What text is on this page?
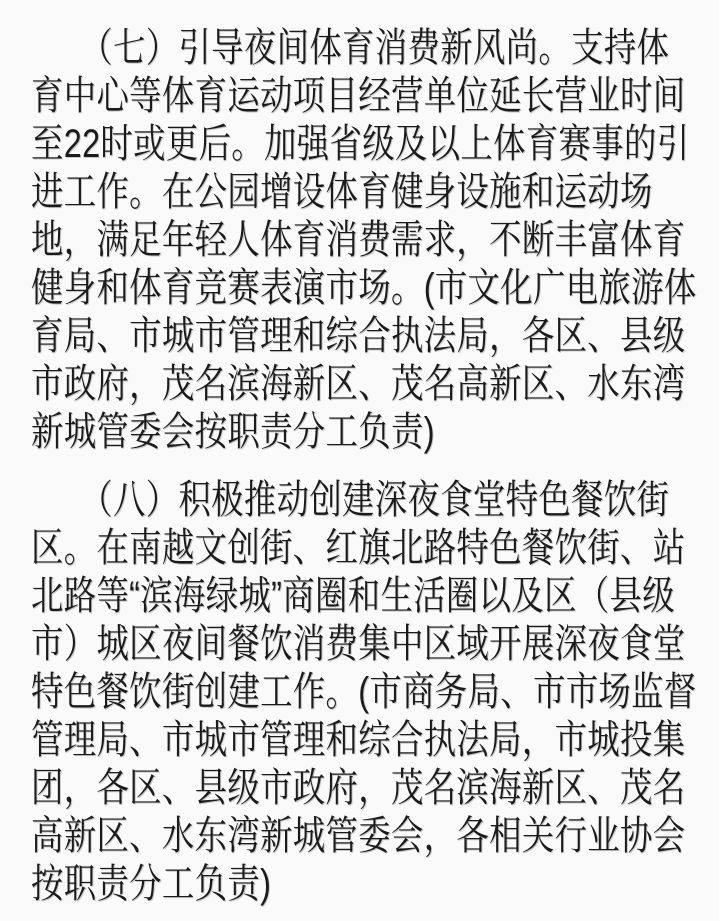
　　（七）引导夜间体育消费新风尚。支持体
育中心等体育运动项目经营单位延长营业时间
至22时或更后。加强省级及以上体育赛事的引
进工作。在公园增设体育健身设施和运动场
地，满足年轻人体育消费需求，不断丰富体育
健身和体育竞赛表演市场。(市文化广电旅游体
育局、市城市管理和综合执法局，各区、县级
市政府，茂名滨海新区、茂名高新区、水东湾
新城管委会按职责分工负责)
　　（八）积极推动创建深夜食堂特色餐饮街
区。在南越文创街、红旗北路特色餐饮街、站
北路等“滨海绿城”商圈和生活圈以及区（县级
市）城区夜间餐饮消费集中区域开展深夜食堂
特色餐饮街创建工作。(市商务局、市市场监督
管理局、市城市管理和综合执法局，市城投集
团，各区、县级市政府，茂名滨海新区、茂名
高新区、水东湾新城管委会，各相关行业协会
按职责分工负责)
